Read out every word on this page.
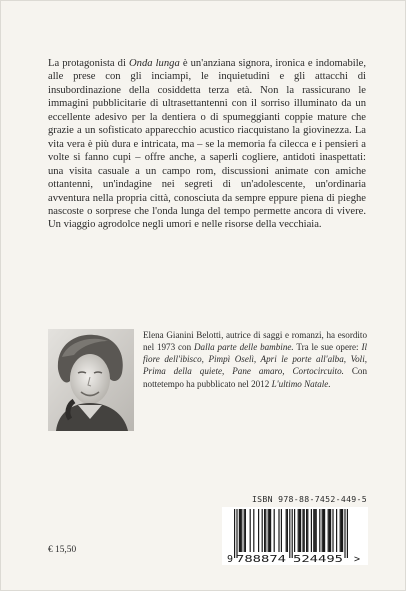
La protagonista di Onda lunga è un'anziana signora, ironica e indomabile, alle prese con gli inciampi, le inquietudini e gli attacchi di insubordinazione della cosiddetta terza età. Non la rassicurano le immagini pubblicitarie di ultrasettantenni con il sorriso illuminato da un eccellente adesivo per la dentiera o di spumeggianti coppie mature che grazie a un sofisticato apparecchio acustico riacquistano la giovinezza. La vita vera è più dura e intricata, ma – se la memoria fa cilecca e i pensieri a volte si fanno cupi – offre anche, a saperli cogliere, antidoti inaspettati: una visita casuale a un campo rom, discussioni animate con amiche ottantenni, un'indagine nei segreti di un'adolescente, un'ordinaria avventura nella propria città, conosciuta da sempre eppure piena di pieghe nascoste o sorprese che l'onda lunga del tempo permette ancora di vivere. Un viaggio agrodolce negli umori e nelle risorse della vecchiaia.

Elena Gianini Belotti, autrice di saggi e romanzi, ha esordito nel 1973 con Dalla parte delle bambine. Tra le sue opere: Il fiore dell'ibisco, Pimpì Oselì, Apri le porte all'alba, Voli, Prima della quiete, Pane amaro, Cortocircuito. Con nottetempo ha pubblicato nel 2012 L'ultimo Natale.

ISBN 978-88-7452-449-5
9 788874 524495 >
€ 15,50
